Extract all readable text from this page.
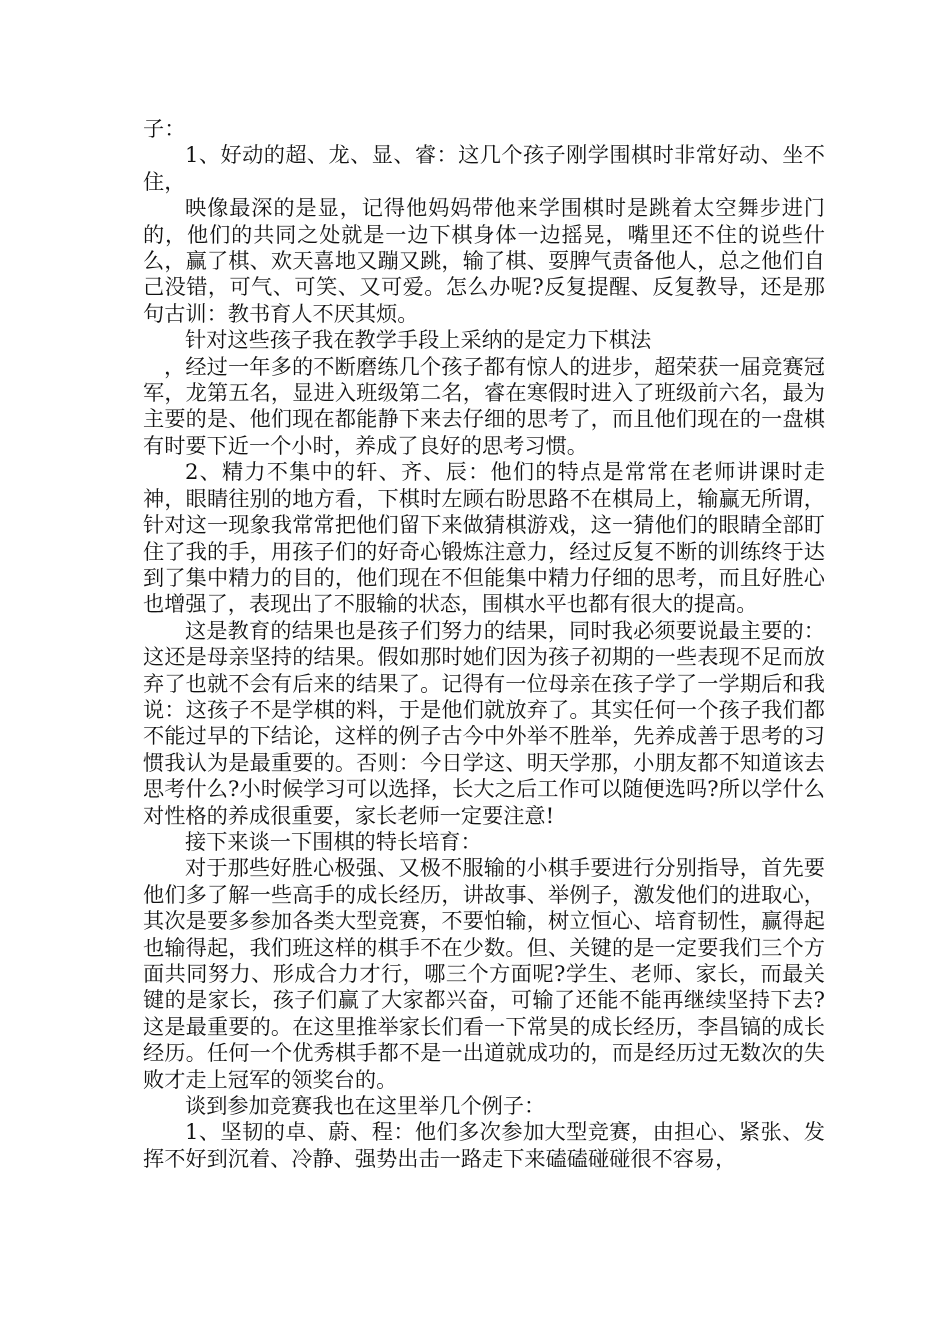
子：

1、好动的超、龙、显、睿：这几个孩子刚学围棋时非常好动、坐不住，

映像最深的是显，记得他妈妈带他来学围棋时是跳着太空舞步进门的，他们的共同之处就是一边下棋身体一边摇晃，嘴里还不住的说些什么，赢了棋、欢天喜地又蹦又跳，输了棋、耍脾气责备他人，总之他们自己没错，可气、可笑、又可爱。怎么办呢?反复提醒、反复教导，还是那句古训：教书育人不厌其烦。

针对这些孩子我在教学手段上采纳的是定力下棋法

，经过一年多的不断磨练几个孩子都有惊人的进步，超荣获一届竞赛冠军，龙第五名，显进入班级第二名，睿在寒假时进入了班级前六名，最为主要的是、他们现在都能静下来去仔细的思考了，而且他们现在的一盘棋有时要下近一个小时，养成了良好的思考习惯。

2、精力不集中的轩、齐、辰：他们的特点是常常在老师讲课时走神，眼睛往别的地方看，下棋时左顾右盼思路不在棋局上，输赢无所谓，针对这一现象我常常把他们留下来做猜棋游戏，这一猜他们的眼睛全部盯住了我的手，用孩子们的好奇心锻炼注意力，经过反复不断的训练终于达到了集中精力的目的，他们现在不但能集中精力仔细的思考，而且好胜心也增强了，表现出了不服输的状态，围棋水平也都有很大的提高。

这是教育的结果也是孩子们努力的结果，同时我必须要说最主要的：这还是母亲坚持的结果。假如那时她们因为孩子初期的一些表现不足而放弃了也就不会有后来的结果了。记得有一位母亲在孩子学了一学期后和我说：这孩子不是学棋的料，于是他们就放弃了。其实任何一个孩子我们都不能过早的下结论，这样的例子古今中外举不胜举，先养成善于思考的习惯我认为是最重要的。否则：今日学这、明天学那，小朋友都不知道该去思考什么?小时候学习可以选择，长大之后工作可以随便选吗?所以学什么对性格的养成很重要，家长老师一定要注意!

接下来谈一下围棋的特长培育：

对于那些好胜心极强、又极不服输的小棋手要进行分别指导，首先要他们多了解一些高手的成长经历，讲故事、举例子，激发他们的进取心，其次是要多参加各类大型竞赛，不要怕输，树立恒心、培育韧性，赢得起也输得起，我们班这样的棋手不在少数。但、关键的是一定要我们三个方面共同努力、形成合力才行，哪三个方面呢?学生、老师、家长，而最关键的是家长，孩子们赢了大家都兴奋，可输了还能不能再继续坚持下去?这是最重要的。在这里推举家长们看一下常昊的成长经历，李昌镐的成长经历。任何一个优秀棋手都不是一出道就成功的，而是经历过无数次的失败才走上冠军的领奖台的。

谈到参加竞赛我也在这里举几个例子：

1、坚韧的卓、蔚、程：他们多次参加大型竞赛，由担心、紧张、发挥不好到沉着、冷静、强势出击一路走下来磕磕碰碰很不容易，
